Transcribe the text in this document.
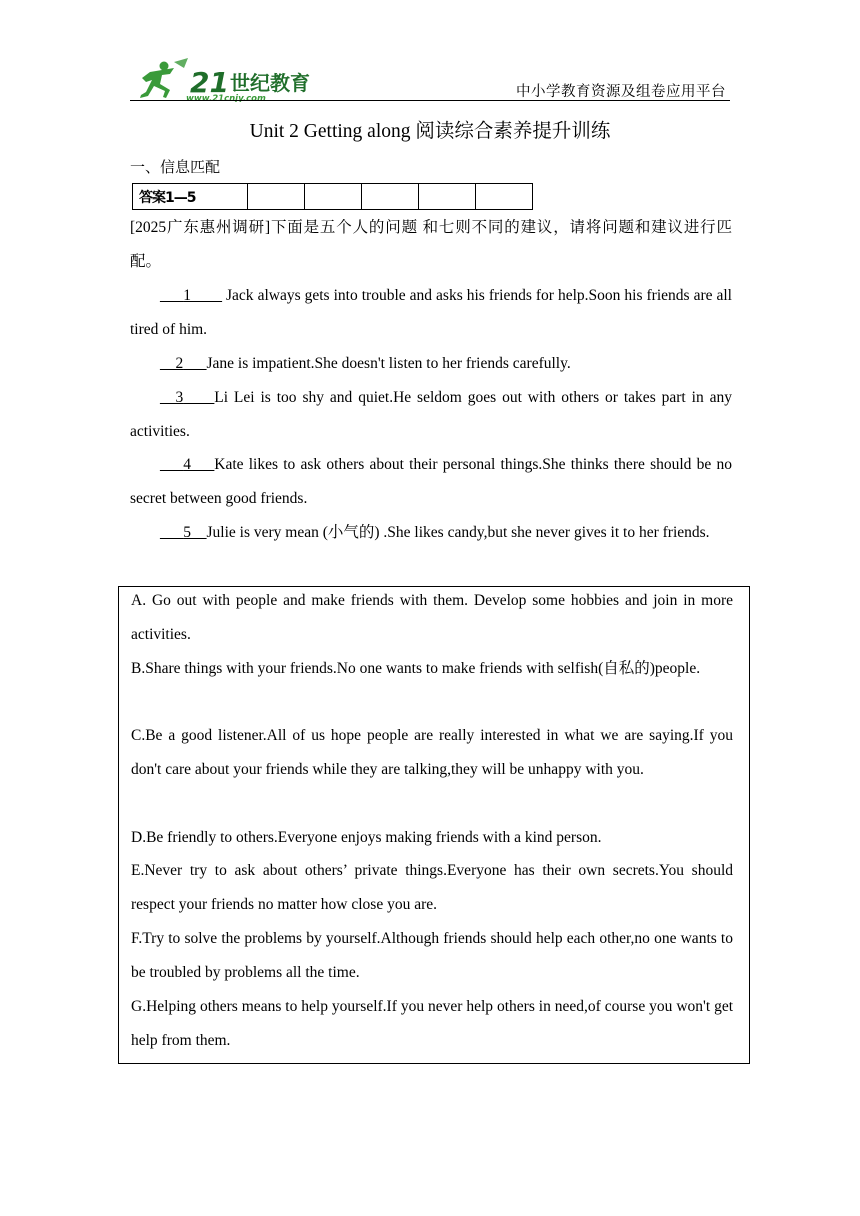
21 世纪教育
www.21cnjy.com	中小学教育资源及组卷应用平台
Unit 2 Getting along 阅读综合素养提升训练
一、信息匹配
答案1—5					
[2025广东惠州调研]下面是五个人的问题 和七则不同的建议，请将问题和建议进行匹配。
___1____ Jack always gets into trouble and asks his friends for help.Soon his friends are all tired of him.
__2___Jane is impatient.She doesn't listen to her friends carefully.
__3____Li Lei is too shy and quiet.He seldom goes out with others or takes part in any activities.
___4___Kate likes to ask others about their personal things.She thinks there should be no secret between good friends.
___5__Julie is very mean (小气的) .She likes candy,but she never gives it to her friends.
A. Go out with people and make friends with them. Develop some hobbies and join in more activities.
B.Share things with your friends.No one wants to make friends with selfish(自私的)people.
C.Be a good listener.All of us hope people are really interested in what we are saying.If you don't care about your friends while they are talking,they will be unhappy with you.
D.Be friendly to others.Everyone enjoys making friends with a kind person.
E.Never try to ask about others’ private things.Everyone has their own secrets.You should respect your friends no matter how close you are.
F.Try to solve the problems by yourself.Although friends should help each other,no one wants to be troubled by problems all the time.
G.Helping others means to help yourself.If you never help others in need,of course you won't get help from them.
